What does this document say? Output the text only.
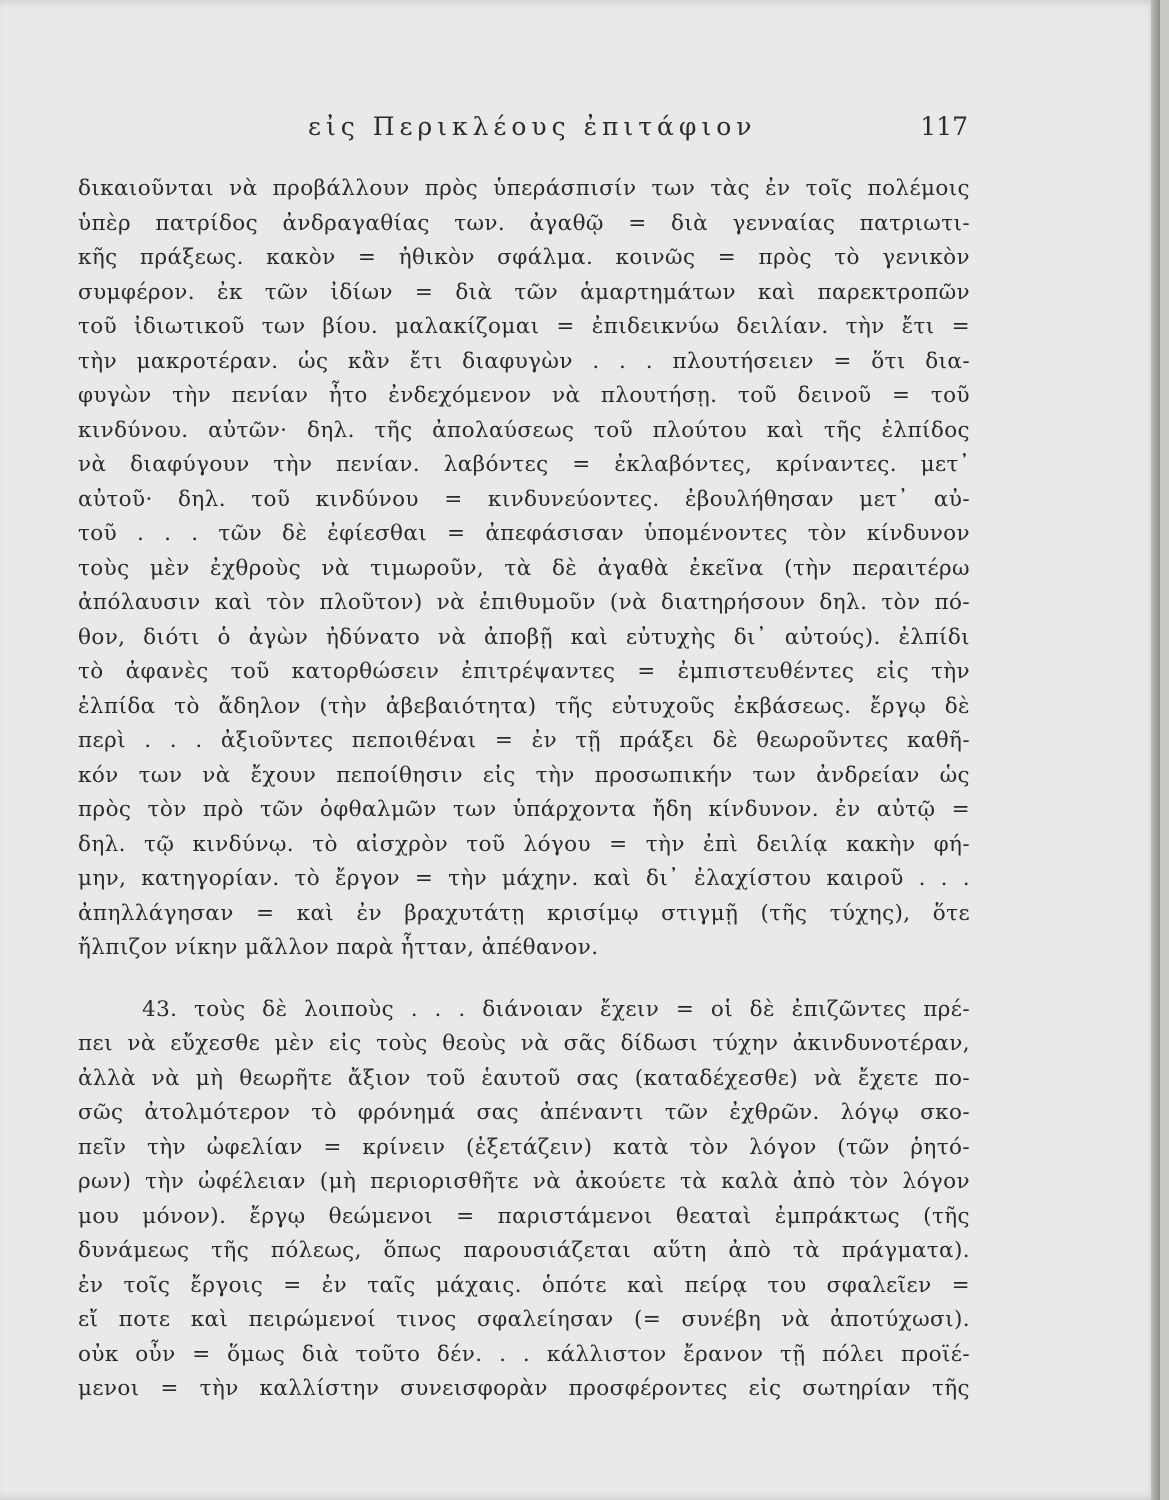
εἰς Περικλέους ἐπιτάφιον	117
δικαιοῦνται νὰ προβάλλουν πρὸς ὑπεράσπισίν των τὰς ἐν τοῖς πολέμοις
ὑπὲρ πατρίδος ἀνδραγαθίας των. ἀγαθῷ = διὰ γενναίας πατριωτι-
κῆς πράξεως. κακὸν = ἠθικὸν σφάλμα. κοινῶς = πρὸς τὸ γενικὸν
συμφέρον. ἐκ τῶν ἰδίων = διὰ τῶν ἁμαρτημάτων καὶ παρεκτροπῶν
τοῦ ἰδιωτικοῦ των βίου. μαλακίζομαι = ἐπιδεικνύω δειλίαν. τὴν ἔτι =
τὴν μακροτέραν. ὡς κἂν ἔτι διαφυγὼν . . . πλουτήσειεν = ὅτι δια-
φυγὼν τὴν πενίαν ἦτο ἐνδεχόμενον νὰ πλουτήσῃ. τοῦ δεινοῦ = τοῦ
κινδύνου. αὐτῶν· δηλ. τῆς ἀπολαύσεως τοῦ πλούτου καὶ τῆς ἐλπίδος
νὰ διαφύγουν τὴν πενίαν. λαβόντες = ἐκλαβόντες, κρίναντες. μετ᾽
αὐτοῦ· δηλ. τοῦ κινδύνου = κινδυνεύοντες. ἐβουλήθησαν μετ᾽ αὐ-
τοῦ . . . τῶν δὲ ἐφίεσθαι = ἀπεφάσισαν ὑπομένοντες τὸν κίνδυνον
τοὺς μὲν ἐχθροὺς νὰ τιμωροῦν, τὰ δὲ ἀγαθὰ ἐκεῖνα (τὴν περαιτέρω
ἀπόλαυσιν καὶ τὸν πλοῦτον) νὰ ἐπιθυμοῦν (νὰ διατηρήσουν δηλ. τὸν πό-
θον, διότι ὁ ἀγὼν ἠδύνατο νὰ ἀποβῇ καὶ εὐτυχὴς δι᾽ αὐτούς). ἐλπίδι
τὸ ἀφανὲς τοῦ κατορθώσειν ἐπιτρέψαντες = ἐμπιστευθέντες εἰς τὴν
ἐλπίδα τὸ ἄδηλον (τὴν ἀβεβαιότητα) τῆς εὐτυχοῦς ἐκβάσεως. ἔργῳ δὲ
περὶ . . . ἀξιοῦντες πεποιθέναι = ἐν τῇ πράξει δὲ θεωροῦντες καθῆ-
κόν των νὰ ἔχουν πεποίθησιν εἰς τὴν προσωπικήν των ἀνδρείαν ὡς
πρὸς τὸν πρὸ τῶν ὀφθαλμῶν των ὑπάρχοντα ἤδη κίνδυνον. ἐν αὐτῷ =
δηλ. τῷ κινδύνῳ. τὸ αἰσχρὸν τοῦ λόγου = τὴν ἐπὶ δειλίᾳ κακὴν φή-
μην, κατηγορίαν. τὸ ἔργον = τὴν μάχην. καὶ δι᾽ ἐλαχίστου καιροῦ . . .
ἀπηλλάγησαν = καὶ ἐν βραχυτάτῃ κρισίμῳ στιγμῇ (τῆς τύχης), ὅτε
ἤλπιζον νίκην μᾶλλον παρὰ ἧτταν, ἀπέθανον.
43. τοὺς δὲ λοιποὺς . . . διάνοιαν ἔχειν = οἱ δὲ ἐπιζῶντες πρέ-
πει νὰ εὔχεσθε μὲν εἰς τοὺς θεοὺς νὰ σᾶς δίδωσι τύχην ἀκινδυνοτέραν,
ἀλλὰ νὰ μὴ θεωρῆτε ἄξιον τοῦ ἑαυτοῦ σας (καταδέχεσθε) νὰ ἔχετε πο-
σῶς ἀτολμότερον τὸ φρόνημά σας ἀπέναντι τῶν ἐχθρῶν. λόγῳ σκο-
πεῖν τὴν ὠφελίαν = κρίνειν (ἐξετάζειν) κατὰ τὸν λόγον (τῶν ῥητό-
ρων) τὴν ὠφέλειαν (μὴ περιορισθῆτε νὰ ἀκούετε τὰ καλὰ ἀπὸ τὸν λόγον
μου μόνον). ἔργῳ θεώμενοι = παριστάμενοι θεαταὶ ἐμπράκτως (τῆς
δυνάμεως τῆς πόλεως, ὅπως παρουσιάζεται αὕτη ἀπὸ τὰ πράγματα).
ἐν τοῖς ἔργοις = ἐν ταῖς μάχαις. ὁπότε καὶ πείρᾳ του σφαλεῖεν =
εἴ ποτε καὶ πειρώμενοί τινος σφαλείησαν (= συνέβη νὰ ἀποτύχωσι).
οὐκ οὖν = ὅμως διὰ τοῦτο δέν. . . κάλλιστον ἔρανον τῇ πόλει προϊέ-
μενοι = τὴν καλλίστην συνεισφορὰν προσφέροντες εἰς σωτηρίαν τῆς
